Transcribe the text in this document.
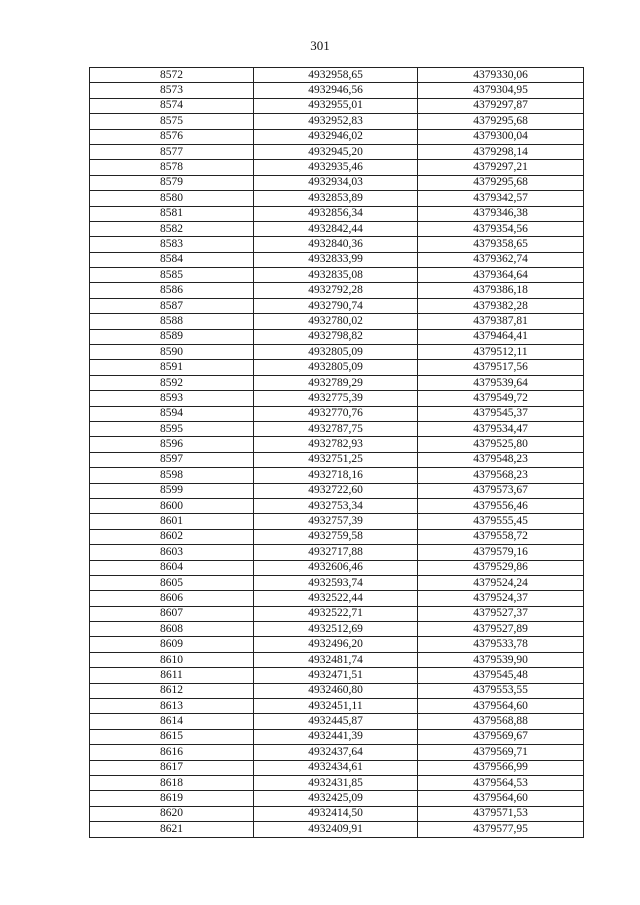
301
8572	4932958,65	4379330,06
8573	4932946,56	4379304,95
8574	4932955,01	4379297,87
8575	4932952,83	4379295,68
8576	4932946,02	4379300,04
8577	4932945,20	4379298,14
8578	4932935,46	4379297,21
8579	4932934,03	4379295,68
8580	4932853,89	4379342,57
8581	4932856,34	4379346,38
8582	4932842,44	4379354,56
8583	4932840,36	4379358,65
8584	4932833,99	4379362,74
8585	4932835,08	4379364,64
8586	4932792,28	4379386,18
8587	4932790,74	4379382,28
8588	4932780,02	4379387,81
8589	4932798,82	4379464,41
8590	4932805,09	4379512,11
8591	4932805,09	4379517,56
8592	4932789,29	4379539,64
8593	4932775,39	4379549,72
8594	4932770,76	4379545,37
8595	4932787,75	4379534,47
8596	4932782,93	4379525,80
8597	4932751,25	4379548,23
8598	4932718,16	4379568,23
8599	4932722,60	4379573,67
8600	4932753,34	4379556,46
8601	4932757,39	4379555,45
8602	4932759,58	4379558,72
8603	4932717,88	4379579,16
8604	4932606,46	4379529,86
8605	4932593,74	4379524,24
8606	4932522,44	4379524,37
8607	4932522,71	4379527,37
8608	4932512,69	4379527,89
8609	4932496,20	4379533,78
8610	4932481,74	4379539,90
8611	4932471,51	4379545,48
8612	4932460,80	4379553,55
8613	4932451,11	4379564,60
8614	4932445,87	4379568,88
8615	4932441,39	4379569,67
8616	4932437,64	4379569,71
8617	4932434,61	4379566,99
8618	4932431,85	4379564,53
8619	4932425,09	4379564,60
8620	4932414,50	4379571,53
8621	4932409,91	4379577,95
